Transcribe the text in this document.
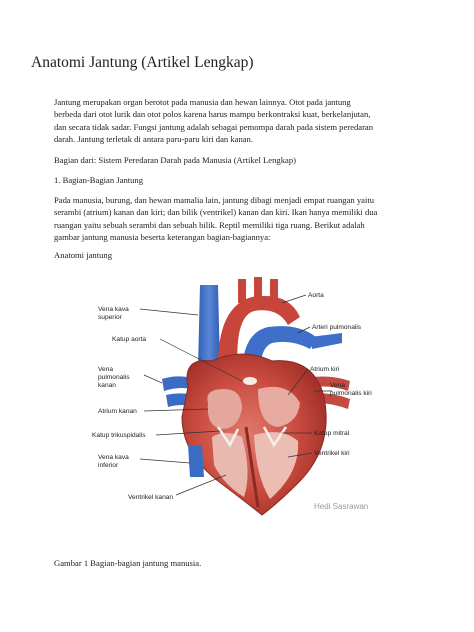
Anatomi Jantung (Artikel Lengkap)
Jantung merupakan organ berotot pada manusia dan hewan lainnya. Otot pada jantung
berbeda dari otot lurik dan otot polos karena harus mampu berkontraksi kuat, berkelanjutan,
dan secara tidak sadar. Fungsi jantung adalah sebagai pemompa darah pada sistem peredaran
darah. Jantung terletak di antara paru-paru kiri dan kanan.
Bagian dari: Sistem Peredaran Darah pada Manusia (Artikel Lengkap)
1. Bagian-Bagian Jantung
Pada manusia, burung, dan hewan mamalia lain, jantung dibagi menjadi empat ruangan yaitu
serambi (atrium) kanan dan kiri; dan bilik (ventrikel) kanan dan kiri. Ikan hanya memiliki dua
ruangan yaitu sebuah serambi dan sebuah bilik. Reptil memiliki tiga ruang. Berikut adalah
gambar jantung manusia beserta keterangan bagian-bagiannya:
Anatomi jantung
Vena kava
superior
Katup aorta
Vena
pulmonalis
kanan
Atrium kanan
Katup trikuspidalis
Vena kava
inferior
Ventrikel kanan
Aorta
Arteri pulmonalis
Atrium kiri
Vena
pulmonalis kiri
Katup mitral
Ventrikel kiri
Hedi Sasrawan
Gambar 1 Bagian-bagian jantung manusia.
